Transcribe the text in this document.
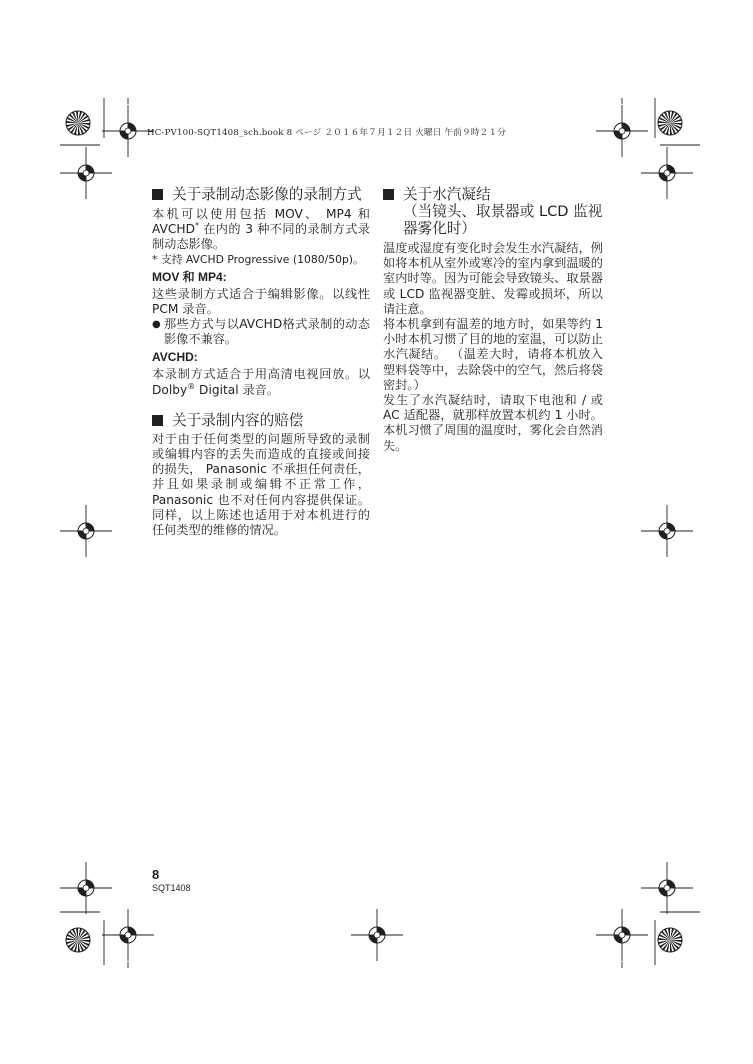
HC-PV100-SQT1408_sch.book 8 ページ ２０１６年７月１２日 火曜日 午前９時２１分
关于录制动态影像的录制方式
本机可以使用包括 MOV、 MP4 和 AVCHD* 在内的 3 种不同的录制方式录制动态影像。

* 支持 AVCHD Progressive (1080/50p)。

MOV 和 MP4:
这些录制方式适合于编辑影像。以线性 PCM 录音。
● 那些方式与以AVCHD格式录制的动态影像不兼容。
AVCHD:
本录制方式适合于用高清电视回放。以 Dolby® Digital 录音。
关于录制内容的赔偿
对于由于任何类型的问题所导致的录制或编辑内容的丢失而造成的直接或间接的损失， Panasonic 不承担任何责任，并且如果录制或编辑不正常工作， Panasonic 也不对任何内容提供保证。同样，以上陈述也适用于对本机进行的任何类型的维修的情况。
关于水汽凝结
（当镜头、取景器或 LCD 监视器雾化时）
温度或湿度有变化时会发生水汽凝结，例如将本机从室外或寒冷的室内拿到温暖的室内时等。因为可能会导致镜头、取景器或 LCD 监视器变脏、发霉或损坏，所以请注意。
将本机拿到有温差的地方时，如果等约 1 小时本机习惯了目的地的室温，可以防止水汽凝结。 （温差大时，请将本机放入塑料袋等中，去除袋中的空气，然后将袋密封。）
发生了水汽凝结时，请取下电池和 / 或 AC 适配器，就那样放置本机约 1 小时。本机习惯了周围的温度时，雾化会自然消失。
8
SQT1408
